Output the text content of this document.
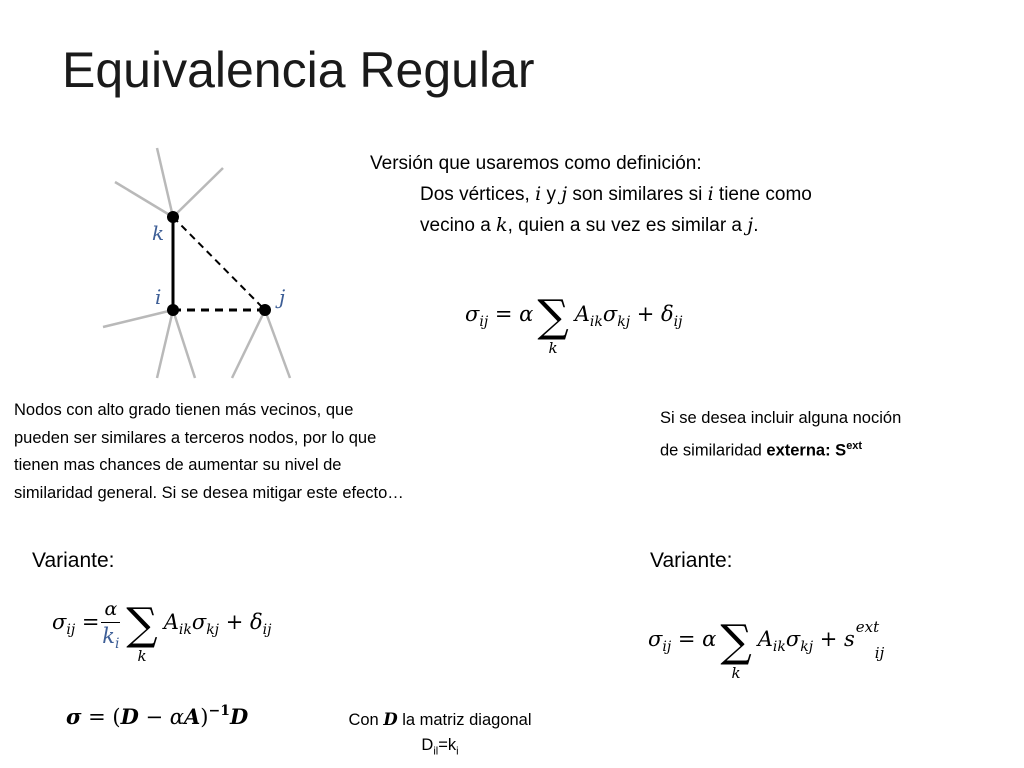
Equivalencia Regular
k
i	j
Versión que usaremos como definición:
Dos vértices, i y j son similares si i tiene como
vecino a k, quien a su vez es similar a j.
$\sigma_{ij} = \alpha\sum$
k
$A_{ik}\sigma_{kj} + \delta_{ij}$
Nodos con alto grado tienen más vecinos, que
pueden ser similares a terceros nodos, por lo que
tienen mas chances de aumentar su nivel de
similaridad general. Si se desea mitigar este efecto…
Si se desea incluir alguna noción
de similaridad externa: $S^{ext}$
Variante:	Variante:
$\sigma_{ij} = \frac{\alpha}{k_i}$ ∑
k
$A_{ik}\sigma_{kj} + \delta_{ij}$	$\sigma_{ij} = \alpha\sum$
k
$A_{ik}\sigma_{kj} + s$ ext
ij
$\sigma = (D - \alpha A)^{-1}D$	Con D la matriz diagonal
$D_{il}=k_i$
